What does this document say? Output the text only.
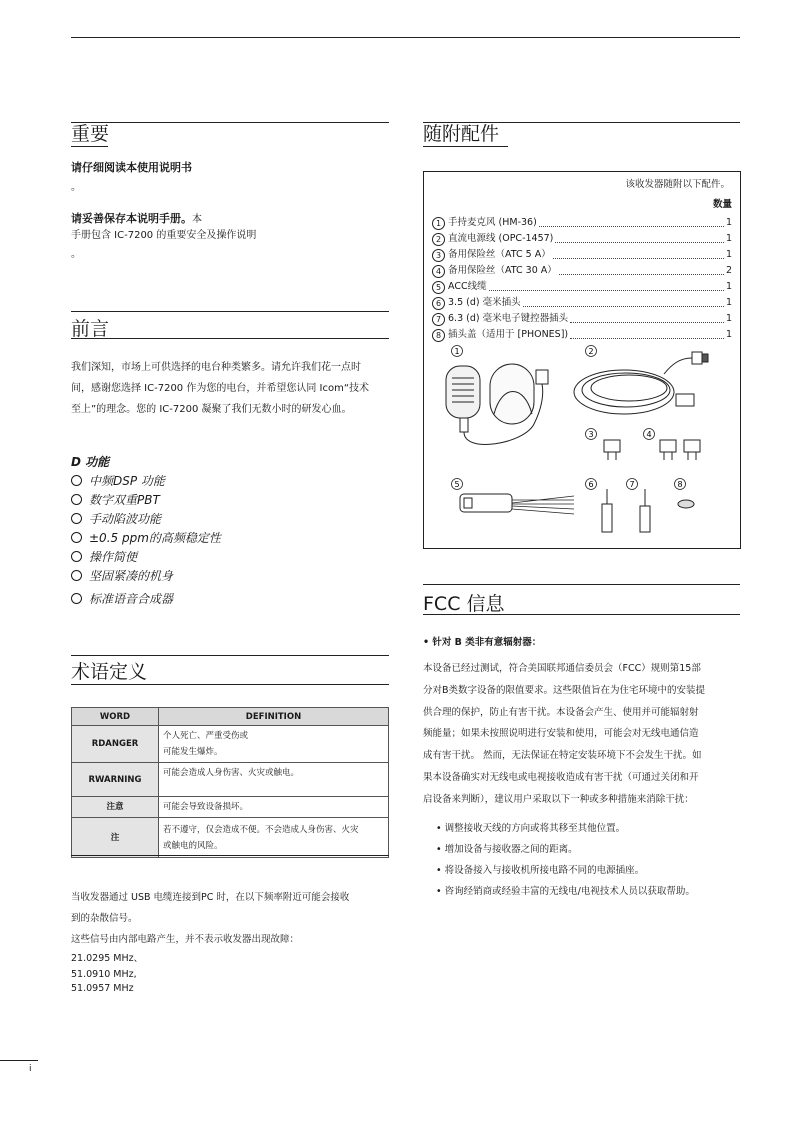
重要
请仔细阅读本使用说明书
。
请妥善保存本说明手册。本
手册包含 IC-7200 的重要安全及操作说明
。
前言
我们深知，市场上可供选择的电台种类繁多。请允许我们花一点时
间，感谢您选择 IC-7200 作为您的电台，并希望您认同 Icom“技术
至上”的理念。您的 IC-7200 凝聚了我们无数小时的研发心血。
D 功能
中频DSP 功能
数字双重PBT
手动陷波功能
±0.5 ppm的高频稳定性
操作简便
坚固紧凑的机身
标准语音合成器
术语定义
WORD	DEFINITION
RDANGER	个人死亡、严重受伤或
可能发生爆炸。
RWARNING	可能会造成人身伤害、火灾或触电。
注意	可能会导致设备损坏。
注	若不遵守，仅会造成不便。不会造成人身伤害、火灾
或触电的风险。
当收发器通过 USB 电缆连接到PC 时，在以下频率附近可能会接收
到的杂散信号。
这些信号由内部电路产生，并不表示收发器出现故障：
21.0295 MHz、
51.0910 MHz,
51.0957 MHz
随附配件
该收发器随附以下配件。
数量
1 手持麦克风 (HM-36)	1
2 直流电源线 (OPC-1457)	1
3 备用保险丝（ATC 5 A）	1
4 备用保险丝（ATC 30 A）	2
5 ACC线缆	1
6 3.5 (d) 毫米插头	1
7 6.3 (d) 毫米电子键控器插头	1
8 插头盖（适用于 [PHONES])	1
1	2
3	4
5	6	7	8
FCC 信息
• 针对 B 类非有意辐射器：
本设备已经过测试，符合美国联邦通信委员会（FCC）规则第15部
分对B类数字设备的限值要求。这些限值旨在为住宅环境中的安装提
供合理的保护，防止有害干扰。本设备会产生、使用并可能辐射射
频能量；如果未按照说明进行安装和使用，可能会对无线电通信造
成有害干扰。 然而，无法保证在特定安装环境下不会发生干扰。如
果本设备确实对无线电或电视接收造成有害干扰（可通过关闭和开
启设备来判断），建议用户采取以下一种或多种措施来消除干扰：
• 调整接收天线的方向或将其移至其他位置。
• 增加设备与接收器之间的距离。
• 将设备接入与接收机所接电路不同的电源插座。
• 咨询经销商或经验丰富的无线电/电视技术人员以获取帮助。
i
